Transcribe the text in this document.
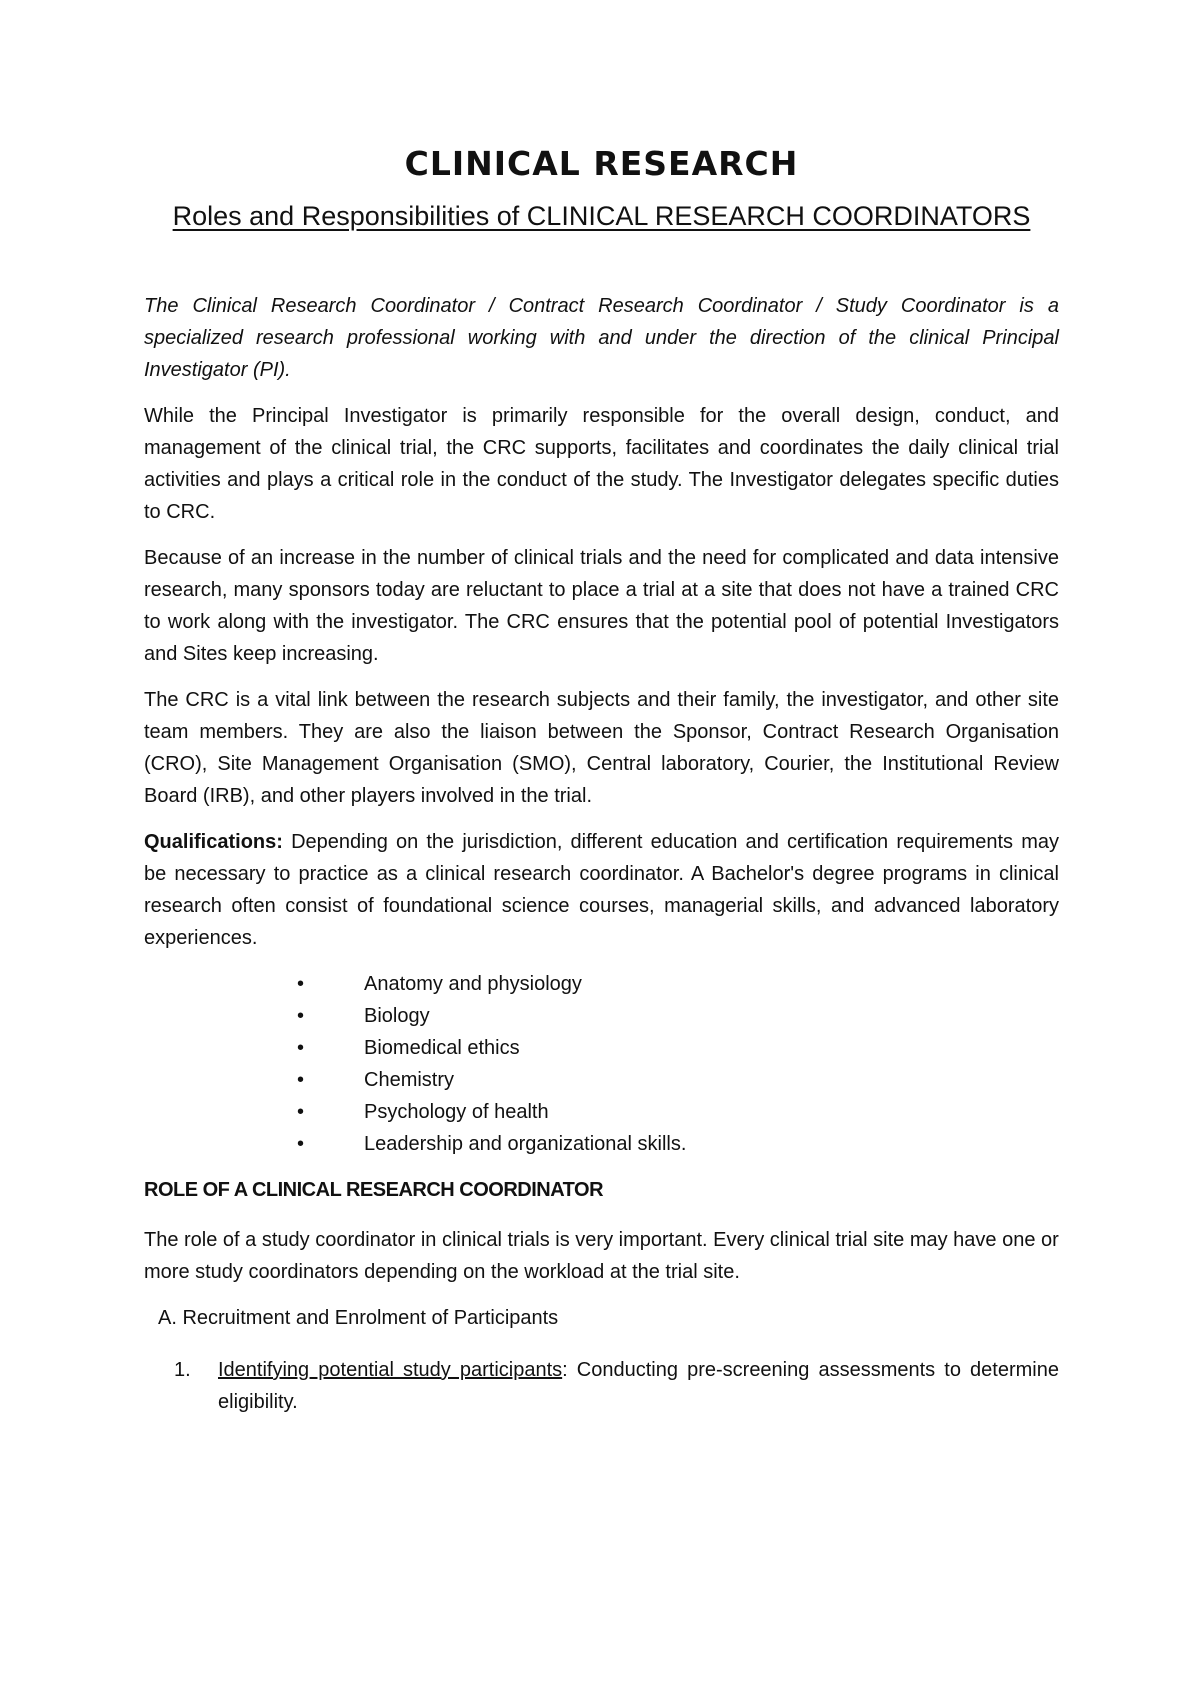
CLINICAL RESEARCH
Roles and Responsibilities of CLINICAL RESEARCH COORDINATORS

The Clinical Research Coordinator / Contract Research Coordinator / Study Coordinator is a specialized research professional working with and under the direction of the clinical Principal Investigator (PI).

While the Principal Investigator is primarily responsible for the overall design, conduct, and management of the clinical trial, the CRC supports, facilitates and coordinates the daily clinical trial activities and plays a critical role in the conduct of the study. The Investigator delegates specific duties to CRC.

Because of an increase in the number of clinical trials and the need for complicated and data intensive research, many sponsors today are reluctant to place a trial at a site that does not have a trained CRC to work along with the investigator. The CRC ensures that the potential pool of potential Investigators and Sites keep increasing.

The CRC is a vital link between the research subjects and their family, the investigator, and other site team members. They are also the liaison between the Sponsor, Contract Research Organisation (CRO), Site Management Organisation (SMO), Central laboratory, Courier, the Institutional Review Board (IRB), and other players involved in the trial.

Qualifications: Depending on the jurisdiction, different education and certification requirements may be necessary to practice as a clinical research coordinator. A Bachelor's degree programs in clinical research often consist of foundational science courses, managerial skills, and advanced laboratory experiences.

•	Anatomy and physiology
•	Biology
•	Biomedical ethics
•	Chemistry
•	Psychology of health
•	Leadership and organizational skills.

ROLE OF A CLINICAL RESEARCH COORDINATOR

The role of a study coordinator in clinical trials is very important. Every clinical trial site may have one or more study coordinators depending on the workload at the trial site.

A. Recruitment and Enrolment of Participants

1. Identifying potential study participants: Conducting pre-screening assessments to determine eligibility.
